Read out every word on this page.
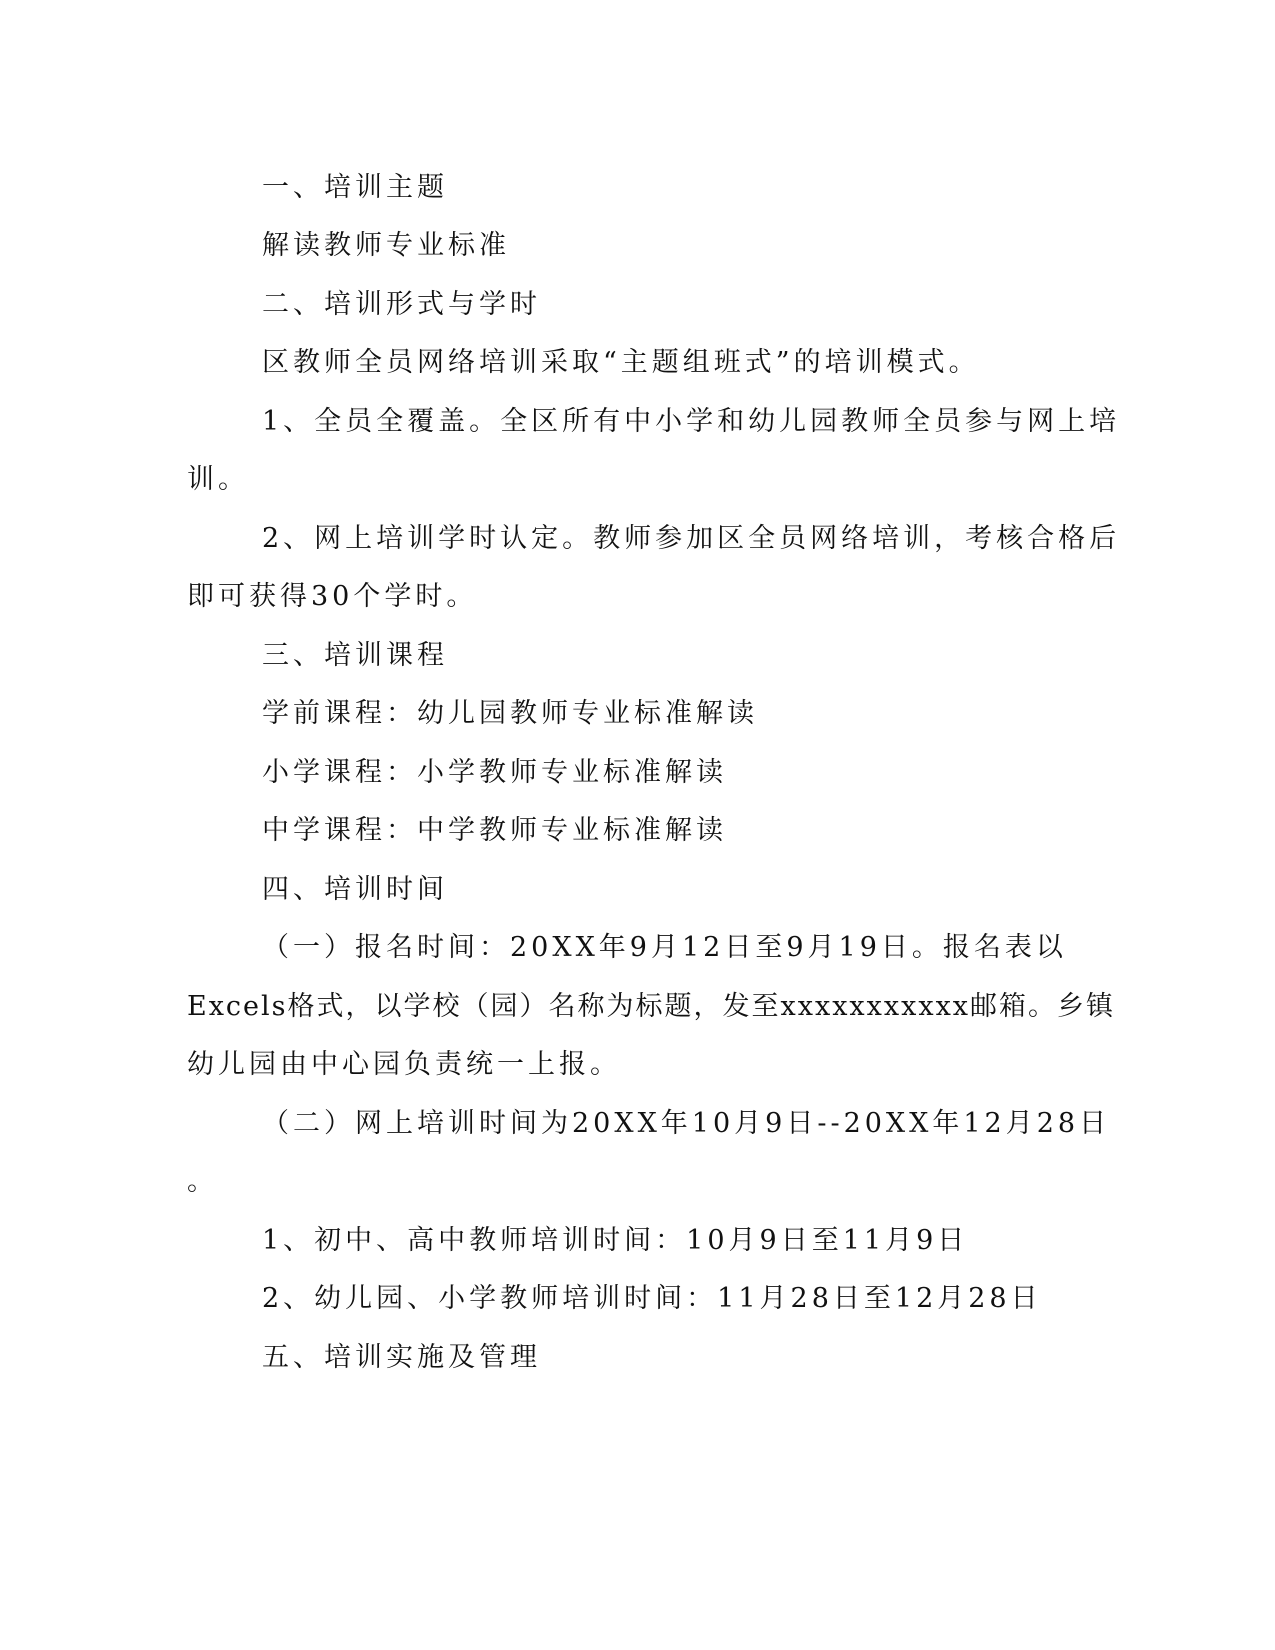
一、培训主题
解读教师专业标准
二、培训形式与学时
区教师全员网络培训采取“主题组班式”的培训模式。
1、全员全覆盖。全区所有中小学和幼儿园教师全员参与网上培
训。
2、网上培训学时认定。教师参加区全员网络培训，考核合格后
即可获得30个学时。
三、培训课程
学前课程：幼儿园教师专业标准解读
小学课程：小学教师专业标准解读
中学课程：中学教师专业标准解读
四、培训时间
（一）报名时间：20XX年9月12日至9月19日。报名表以
Excels格式，以学校（园）名称为标题，发至xxxxxxxxxxx邮箱。乡镇
幼儿园由中心园负责统一上报。
（二）网上培训时间为20XX年10月9日--20XX年12月28日
。
1、初中、高中教师培训时间：10月9日至11月9日
2、幼儿园、小学教师培训时间：11月28日至12月28日
五、培训实施及管理
